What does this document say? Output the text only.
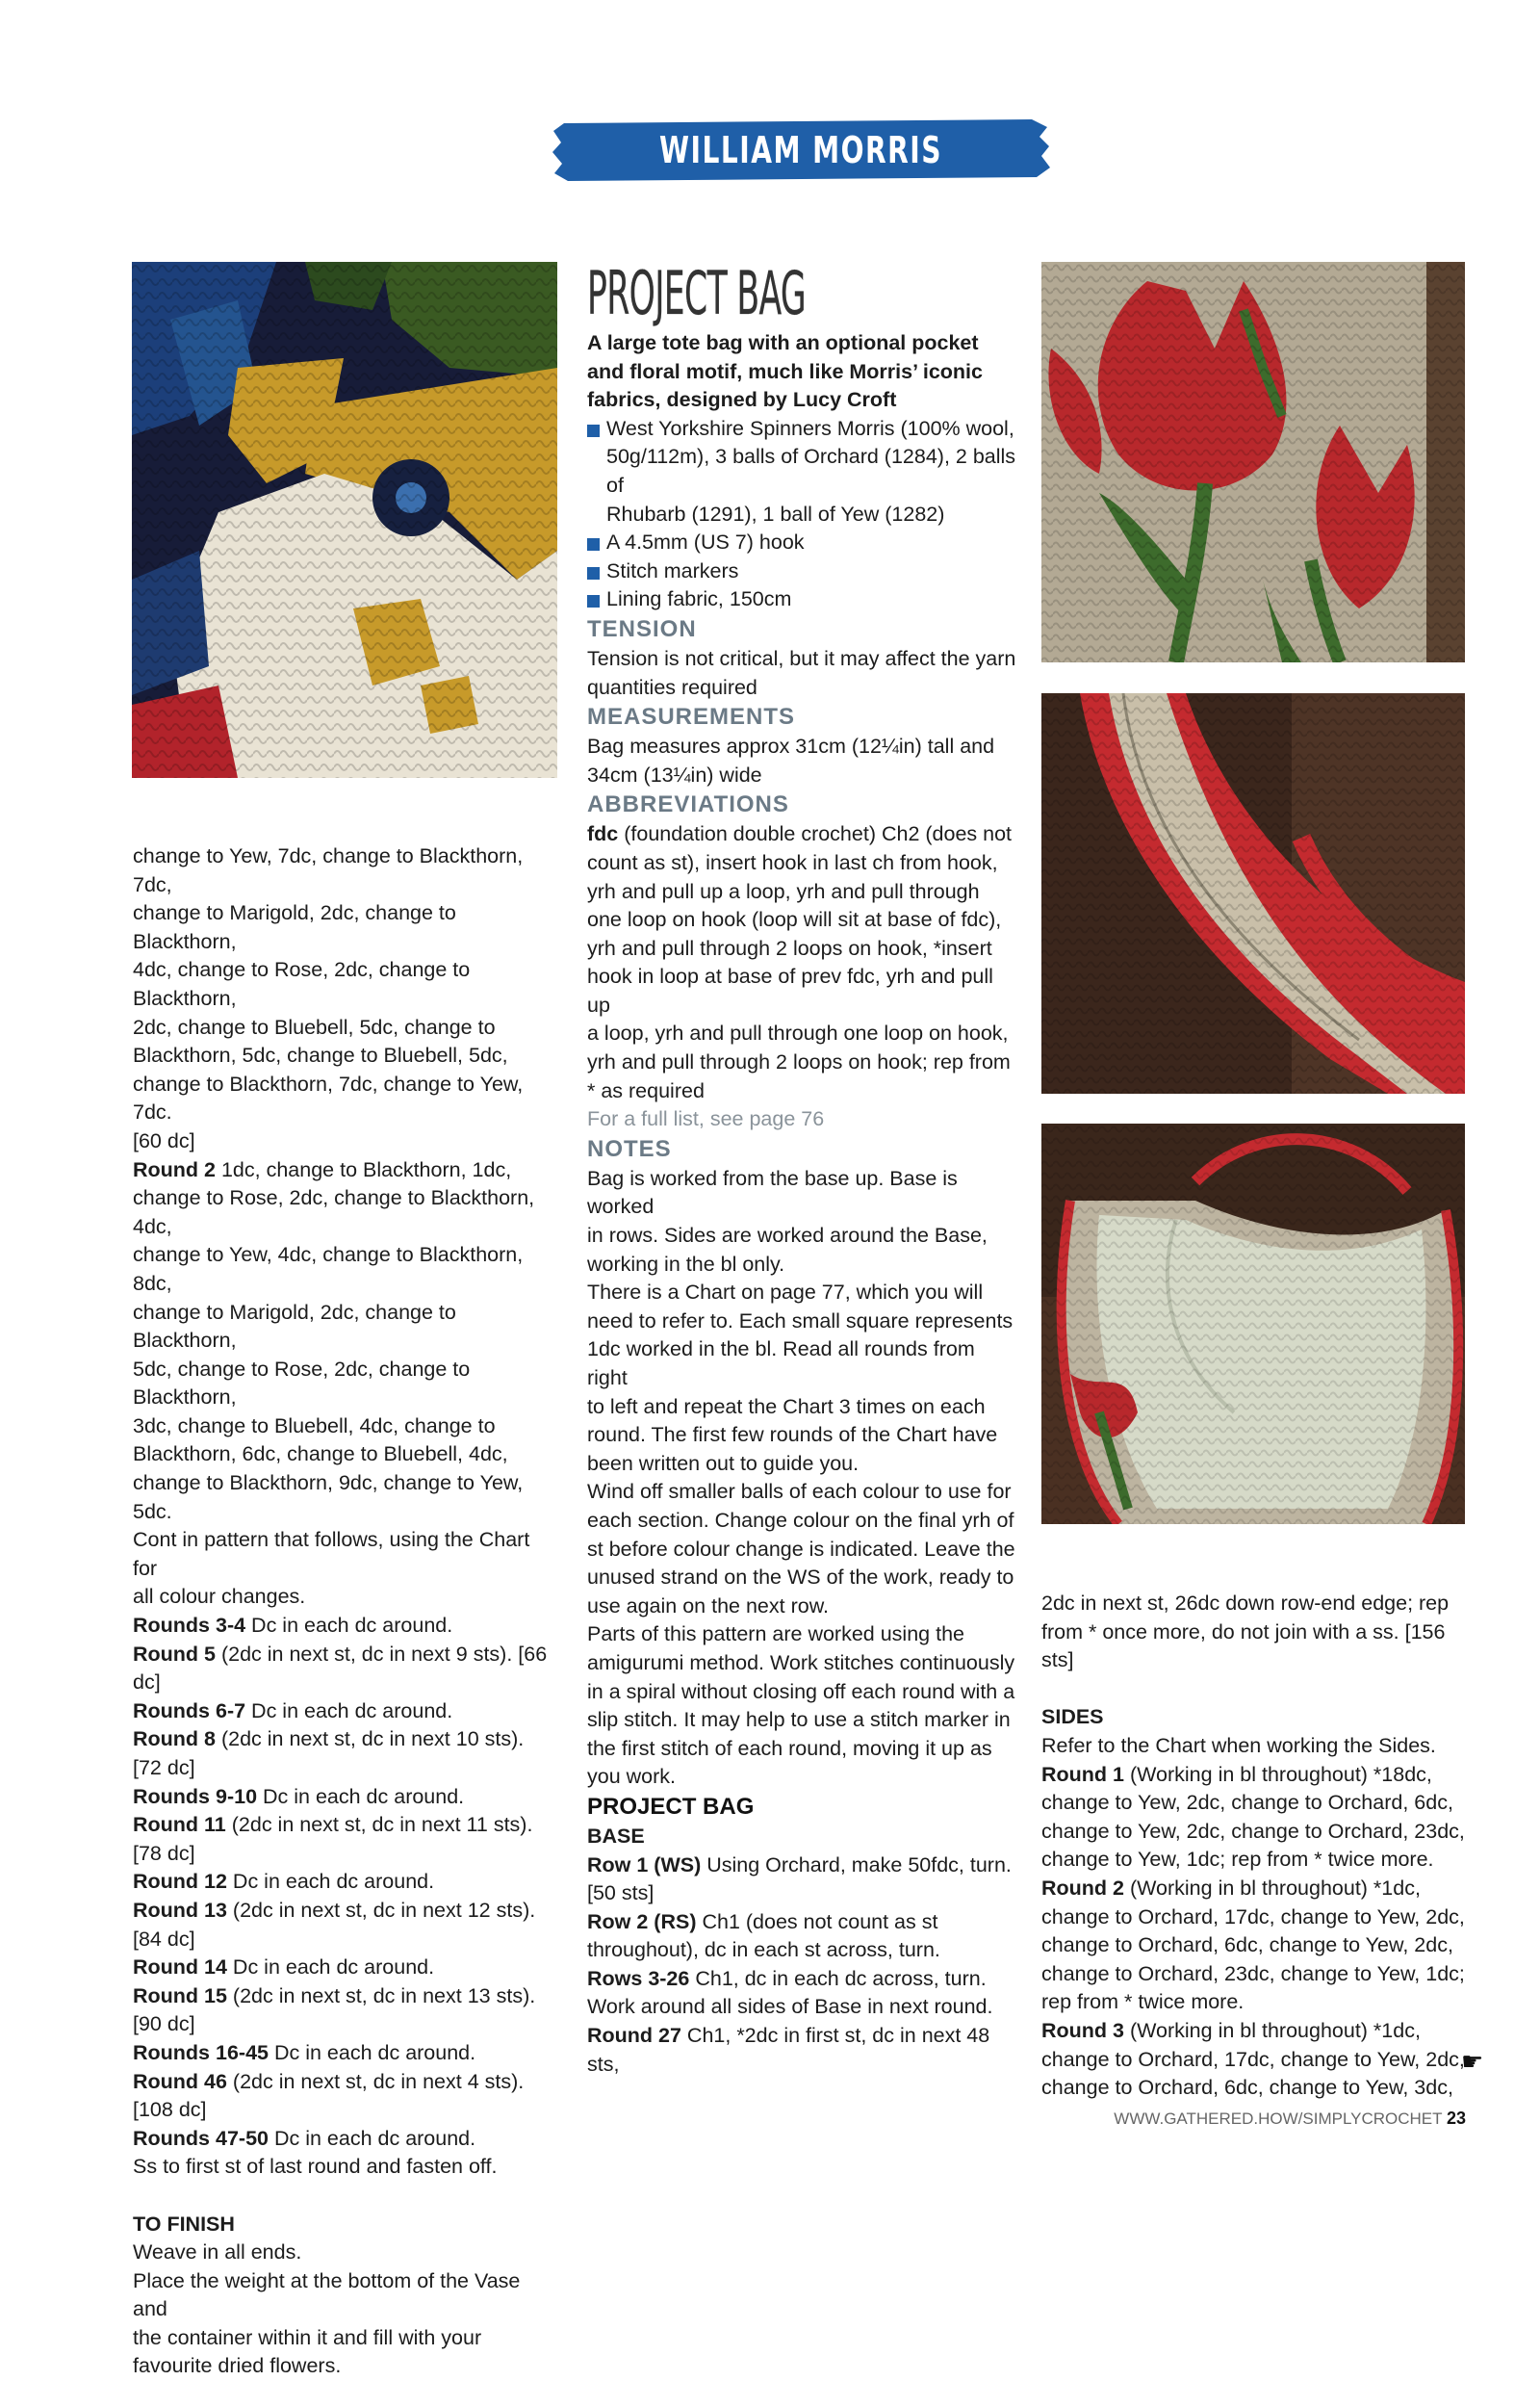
WILLIAM MORRIS COLLECTION

change to Yew, 7dc, change to Blackthorn, 7dc,

change to Marigold, 2dc, change to Blackthorn,

4dc, change to Rose, 2dc, change to Blackthorn,

2dc, change to Bluebell, 5dc, change to

Blackthorn, 5dc, change to Bluebell, 5dc,

change to Blackthorn, 7dc, change to Yew, 7dc.

[60 dc]

Round 2 1dc, change to Blackthorn, 1dc,

change to Rose, 2dc, change to Blackthorn, 4dc,

change to Yew, 4dc, change to Blackthorn, 8dc,

change to Marigold, 2dc, change to Blackthorn,

5dc, change to Rose, 2dc, change to Blackthorn,

3dc, change to Bluebell, 4dc, change to

Blackthorn, 6dc, change to Bluebell, 4dc,

change to Blackthorn, 9dc, change to Yew, 5dc.

Cont in pattern that follows, using the Chart for

all colour changes.

Rounds 3-4 Dc in each dc around.

Round 5 (2dc in next st, dc in next 9 sts). [66 dc]

Rounds 6-7 Dc in each dc around.

Round 8 (2dc in next st, dc in next 10 sts).

[72 dc]

Rounds 9-10 Dc in each dc around.

Round 11 (2dc in next st, dc in next 11 sts).

[78 dc]

Round 12 Dc in each dc around.

Round 13 (2dc in next st, dc in next 12 sts).

[84 dc]

Round 14 Dc in each dc around.

Round 15 (2dc in next st, dc in next 13 sts).

[90 dc]

Rounds 16-45 Dc in each dc around.

Round 46 (2dc in next st, dc in next 4 sts).

[108 dc]

Rounds 47-50 Dc in each dc around.

Ss to first st of last round and fasten off.

TO FINISH

Weave in all ends.

Place the weight at the bottom of the Vase and

the container within it and fill with your

favourite dried flowers.

PROJECT BAG

A large tote bag with an optional pocket

and floral motif, much like Morris’ iconic

fabrics, designed by Lucy Croft

West Yorkshire Spinners Morris (100% wool,

50g/112m), 3 balls of Orchard (1284), 2 balls of

Rhubarb (1291), 1 ball of Yew (1282)

A 4.5mm (US 7) hook

Stitch markers

Lining fabric, 150cm

TENSION

Tension is not critical, but it may affect the yarn

quantities required

MEASUREMENTS

Bag measures approx 31cm (12¼in) tall and

34cm (13¼in) wide

ABBREVIATIONS

fdc (foundation double crochet) Ch2 (does not

count as st), insert hook in last ch from hook,

yrh and pull up a loop, yrh and pull through

one loop on hook (loop will sit at base of fdc),

yrh and pull through 2 loops on hook, *insert

hook in loop at base of prev fdc, yrh and pull up

a loop, yrh and pull through one loop on hook,

yrh and pull through 2 loops on hook; rep from

* as required

For a full list, see page 76

NOTES

Bag is worked from the base up. Base is worked

in rows. Sides are worked around the Base,

working in the bl only.

There is a Chart on page 77, which you will

need to refer to. Each small square represents

1dc worked in the bl. Read all rounds from right

to left and repeat the Chart 3 times on each

round. The first few rounds of the Chart have

been written out to guide you.

Wind off smaller balls of each colour to use for

each section. Change colour on the final yrh of

st before colour change is indicated. Leave the

unused strand on the WS of the work, ready to

use again on the next row.

Parts of this pattern are worked using the

amigurumi method. Work stitches continuously

in a spiral without closing off each round with a

slip stitch. It may help to use a stitch marker in

the first stitch of each round, moving it up as

you work.

PROJECT BAG

BASE

Row 1 (WS) Using Orchard, make 50fdc, turn.

[50 sts]

Row 2 (RS) Ch1 (does not count as st

throughout), dc in each st across, turn.

Rows 3-26 Ch1, dc in each dc across, turn.

Work around all sides of Base in next round.

Round 27 Ch1, *2dc in first st, dc in next 48 sts,

2dc in next st, 26dc down row-end edge; rep

from * once more, do not join with a ss. [156 sts]

SIDES

Refer to the Chart when working the Sides.

Round 1 (Working in bl throughout) *18dc,

change to Yew, 2dc, change to Orchard, 6dc,

change to Yew, 2dc, change to Orchard, 23dc,

change to Yew, 1dc; rep from * twice more.

Round 2 (Working in bl throughout) *1dc,

change to Orchard, 17dc, change to Yew, 2dc,

change to Orchard, 6dc, change to Yew, 2dc,

change to Orchard, 23dc, change to Yew, 1dc;

rep from * twice more.

Round 3 (Working in bl throughout) *1dc,

change to Orchard, 17dc, change to Yew, 2dc,

change to Orchard, 6dc, change to Yew, 3dc,

☛
WWW.GATHERED.HOW/SIMPLYCROCHET 23
